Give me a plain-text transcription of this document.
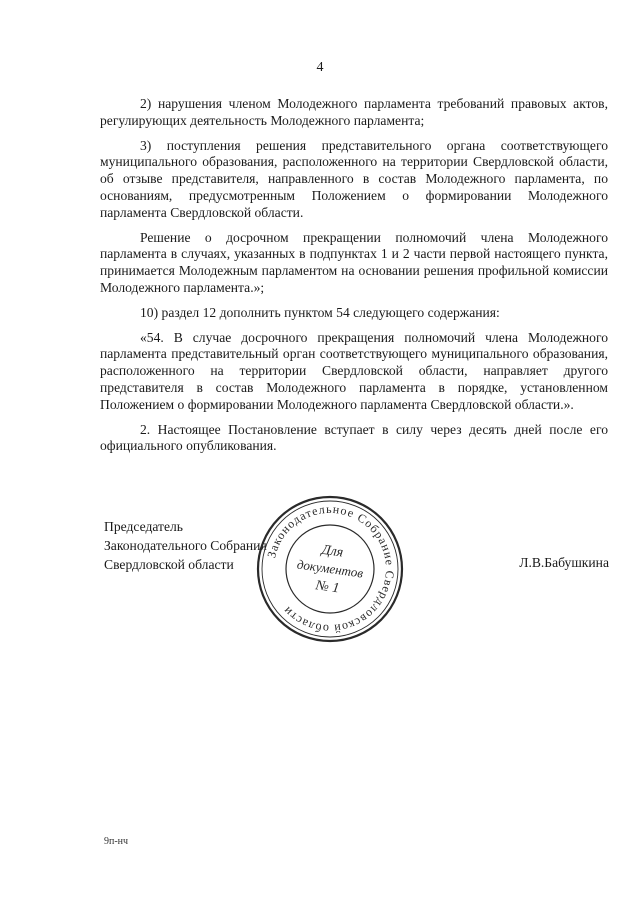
4

2) нарушения членом Молодежного парламента требований правовых актов, регулирующих деятельность Молодежного парламента;

3) поступления решения представительного органа соответствующего муниципального образования, расположенного на территории Свердловской области, об отзыве представителя, направленного в состав Молодежного парламента, по основаниям, предусмотренным Положением о формировании Молодежного парламента Свердловской области.

Решение о досрочном прекращении полномочий члена Молодежного парламента в случаях, указанных в подпунктах 1 и 2 части первой настоящего пункта, принимается Молодежным парламентом на основании решения профильной комиссии Молодежного парламента.»;

10) раздел 12 дополнить пунктом 54 следующего содержания:

«54. В случае досрочного прекращения полномочий члена Молодежного парламента представительный орган соответствующего муниципального образования, расположенного на территории Свердловской области, направляет другого представителя в состав Молодежного парламента в порядке, установленном Положением о формировании Молодежного парламента Свердловской области.».

2. Настоящее Постановление вступает в силу через десять дней после его официального опубликования.

Председатель
Законодательного Собрания
Свердловской области	Л.В.Бабушкина
Законодательное Собрание Свердловской области
Для
документов
№ 1
9п-нч
